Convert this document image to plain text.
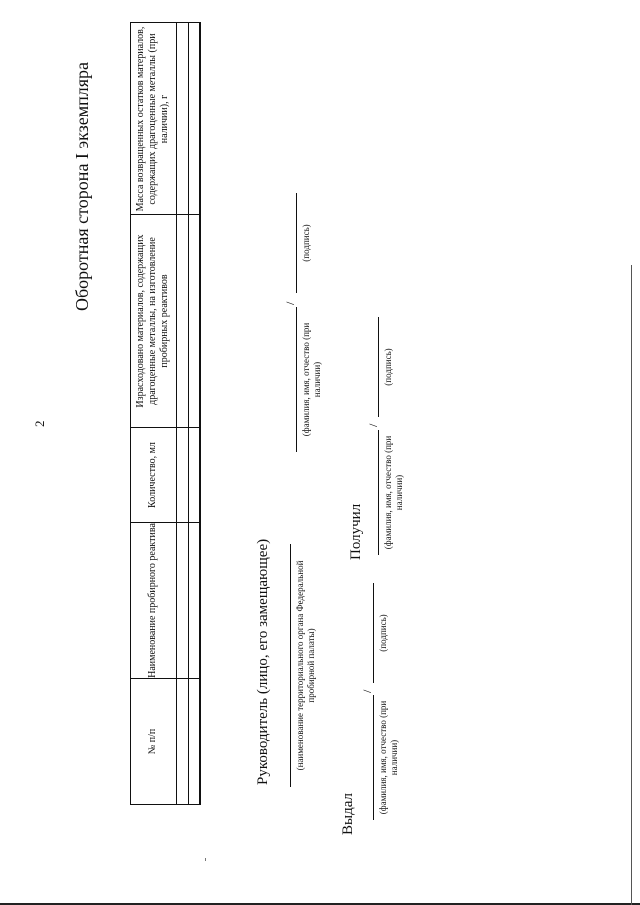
2
Оборотная сторона I экземпляра
№ п/п
Наименование пробирного реактива
Количество, мл
Израсходовано материалов, содержащих драгоценные металлы, на изготовление пробирных реактивов
Масса возвращенных остатков материалов, содержащих драгоценные металлы (при наличии), г
Руководитель (лицо, его замещающее)	(наименование территориального органа Федеральной пробирной палаты)
(фамилия, имя, отчество (при наличии)
/
(подпись)
Выдал (фамилия, имя, отчество (при наличии)
/
(подпись)
Получил (фамилия, имя, отчество (при наличии)
/
(подпись)
